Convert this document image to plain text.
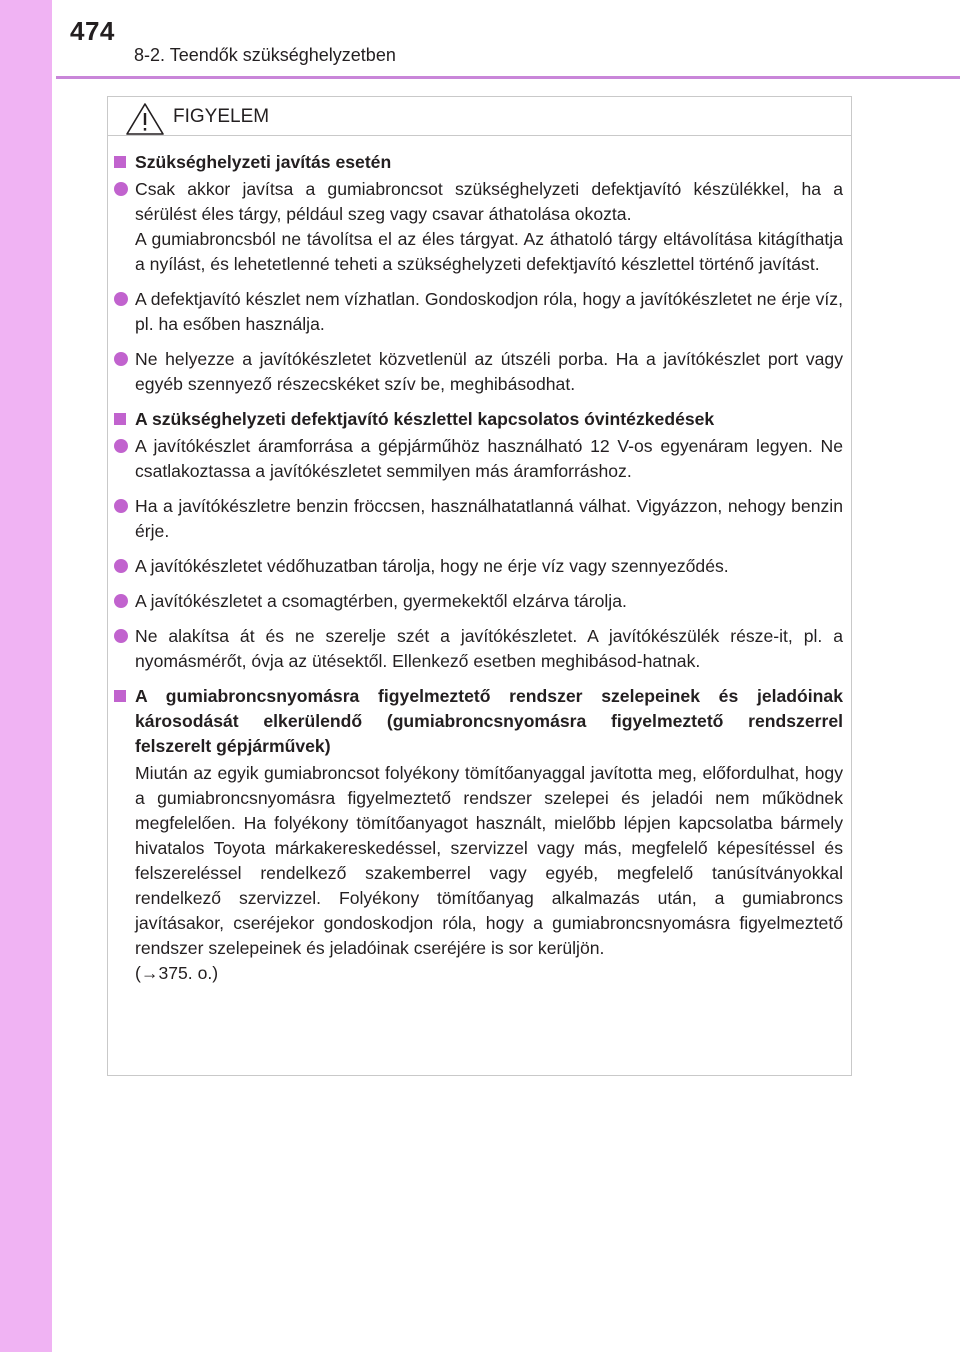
474
8-2. Teendők szükséghelyzetben
FIGYELEM
Szükséghelyzeti javítás esetén

Csak akkor javítsa a gumiabroncsot szükséghelyzeti defektjavító készülékkel, ha a sérülést éles tárgy, például szeg vagy csavar áthatolása okozta.

A gumiabroncsból ne távolítsa el az éles tárgyat. Az áthatoló tárgy eltávolítása kitágíthatja a nyílást, és lehetetlenné teheti a szükséghelyzeti defektjavító készlettel történő javítást.

A defektjavító készlet nem vízhatlan. Gondoskodjon róla, hogy a javítókészletet ne érje víz, pl. ha esőben használja.

Ne helyezze a javítókészletet közvetlenül az útszéli porba. Ha a javítókészlet port vagy egyéb szennyező részecskéket szív be, meghibásodhat.

A szükséghelyzeti defektjavító készlettel kapcsolatos óvintézkedések

A javítókészlet áramforrása a gépjárműhöz használható 12 V-os egyenáram legyen. Ne csatlakoztassa a javítókészletet semmilyen más áramforráshoz.

Ha a javítókészletre benzin fröccsen, használhatatlanná válhat. Vigyázzon, nehogy benzin érje.

A javítókészletet védőhuzatban tárolja, hogy ne érje víz vagy szennyeződés.

A javítókészletet a csomagtérben, gyermekektől elzárva tárolja.

Ne alakítsa át és ne szerelje szét a javítókészletet. A javítókészülék része-it, pl. a nyomásmérőt, óvja az ütésektől. Ellenkező esetben meghibásod-hatnak.

A gumiabroncsnyomásra figyelmeztető rendszer szelepeinek és jeladóinak károsodását elkerülendő (gumiabroncsnyomásra figyelmeztető rendszerrel felszerelt gépjárművek)

Miután az egyik gumiabroncsot folyékony tömítőanyaggal javította meg, előfordulhat, hogy a gumiabroncsnyomásra figyelmeztető rendszer szelepei és jeladói nem működnek megfelelően. Ha folyékony tömítőanyagot használt, mielőbb lépjen kapcsolatba bármely hivatalos Toyota márkakereskedéssel, szervizzel vagy más, megfelelő képesítéssel és felszereléssel rendelkező szakemberrel vagy egyéb, megfelelő tanúsítványokkal rendelkező szervizzel. Folyékony tömítőanyag alkalmazás után, a gumiabroncs javításakor, cseréjekor gondoskodjon róla, hogy a gumiabroncsnyomásra figyelmeztető rendszer szelepeinek és jeladóinak cseréjére is sor kerüljön.

(→375. o.)
